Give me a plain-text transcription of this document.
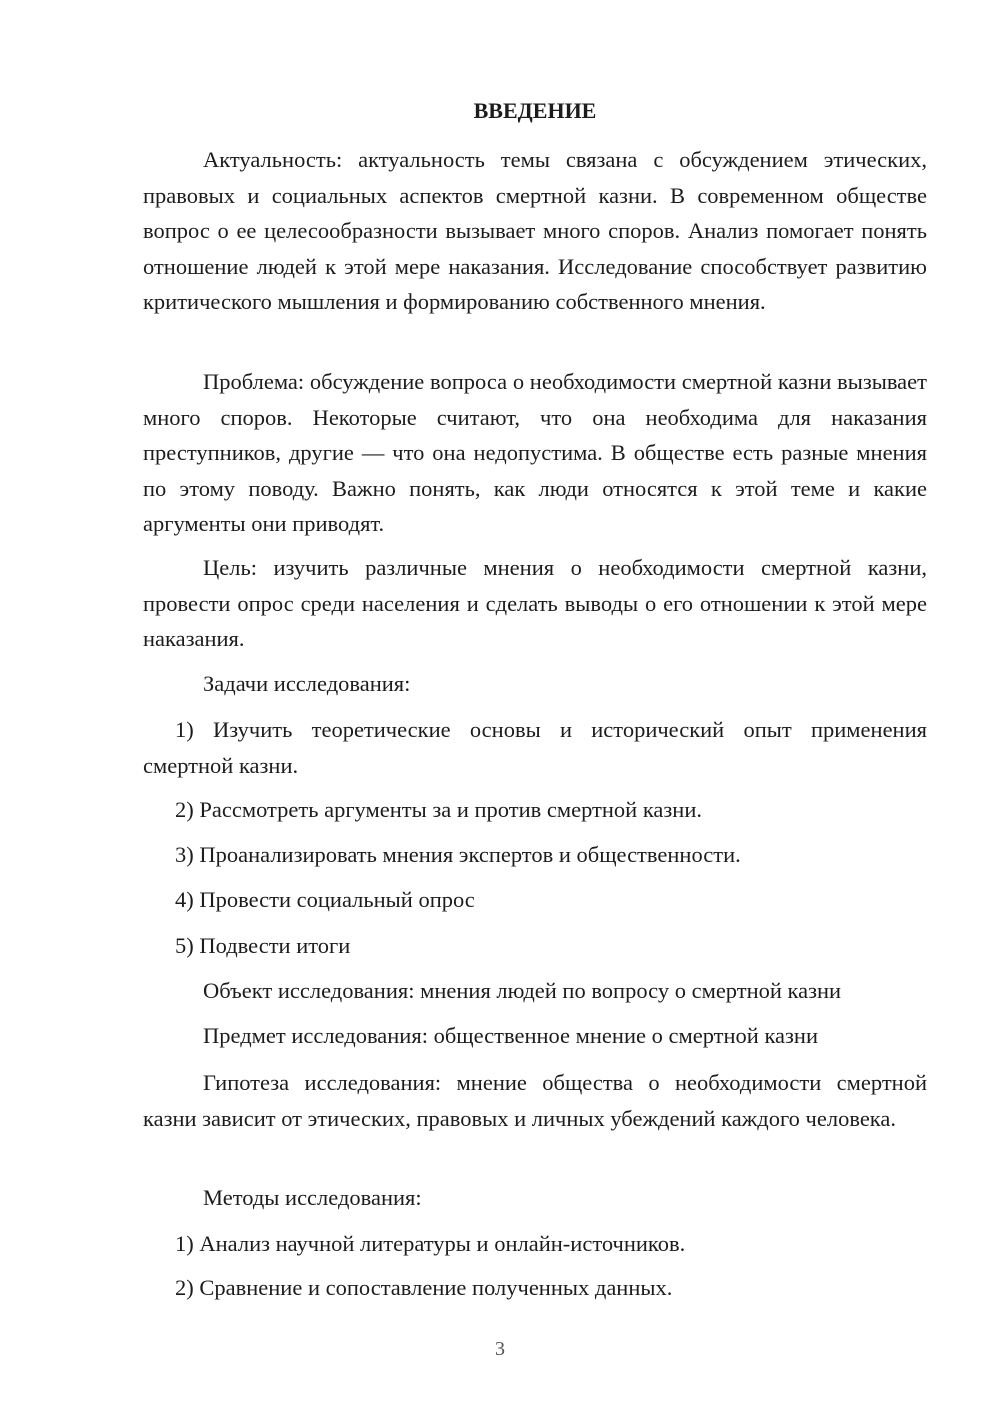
ВВЕДЕНИЕ

Актуальность: актуальность темы связана с обсуждением этических, правовых и социальных аспектов смертной казни. В современном обществе вопрос о ее целесообразности вызывает много споров. Анализ помогает понять отношение людей к этой мере наказания. Исследование способствует развитию критического мышления и формированию собственного мнения.

Проблема: обсуждение вопроса о необходимости смертной казни вызывает много споров. Некоторые считают, что она необходима для наказания преступников, другие — что она недопустима. В обществе есть разные мнения по этому поводу. Важно понять, как люди относятся к этой теме и какие аргументы они приводят.

Цель: изучить различные мнения о необходимости смертной казни, провести опрос среди населения и сделать выводы о его отношении к этой мере наказания.

Задачи исследования:

1) Изучить теоретические основы и исторический опыт применения смертной казни.

2) Рассмотреть аргументы за и против смертной казни.
3) Проанализировать мнения экспертов и общественности.
4) Провести социальный опрос
5) Подвести итоги
Объект исследования: мнения людей по вопросу о смертной казни
Предмет исследования: общественное мнение о смертной казни

Гипотеза исследования: мнение общества о необходимости смертной казни зависит от этических, правовых и личных убеждений каждого человека.

Методы исследования:
1) Анализ научной литературы и онлайн-источников.
2) Сравнение и сопоставление полученных данных.
3
